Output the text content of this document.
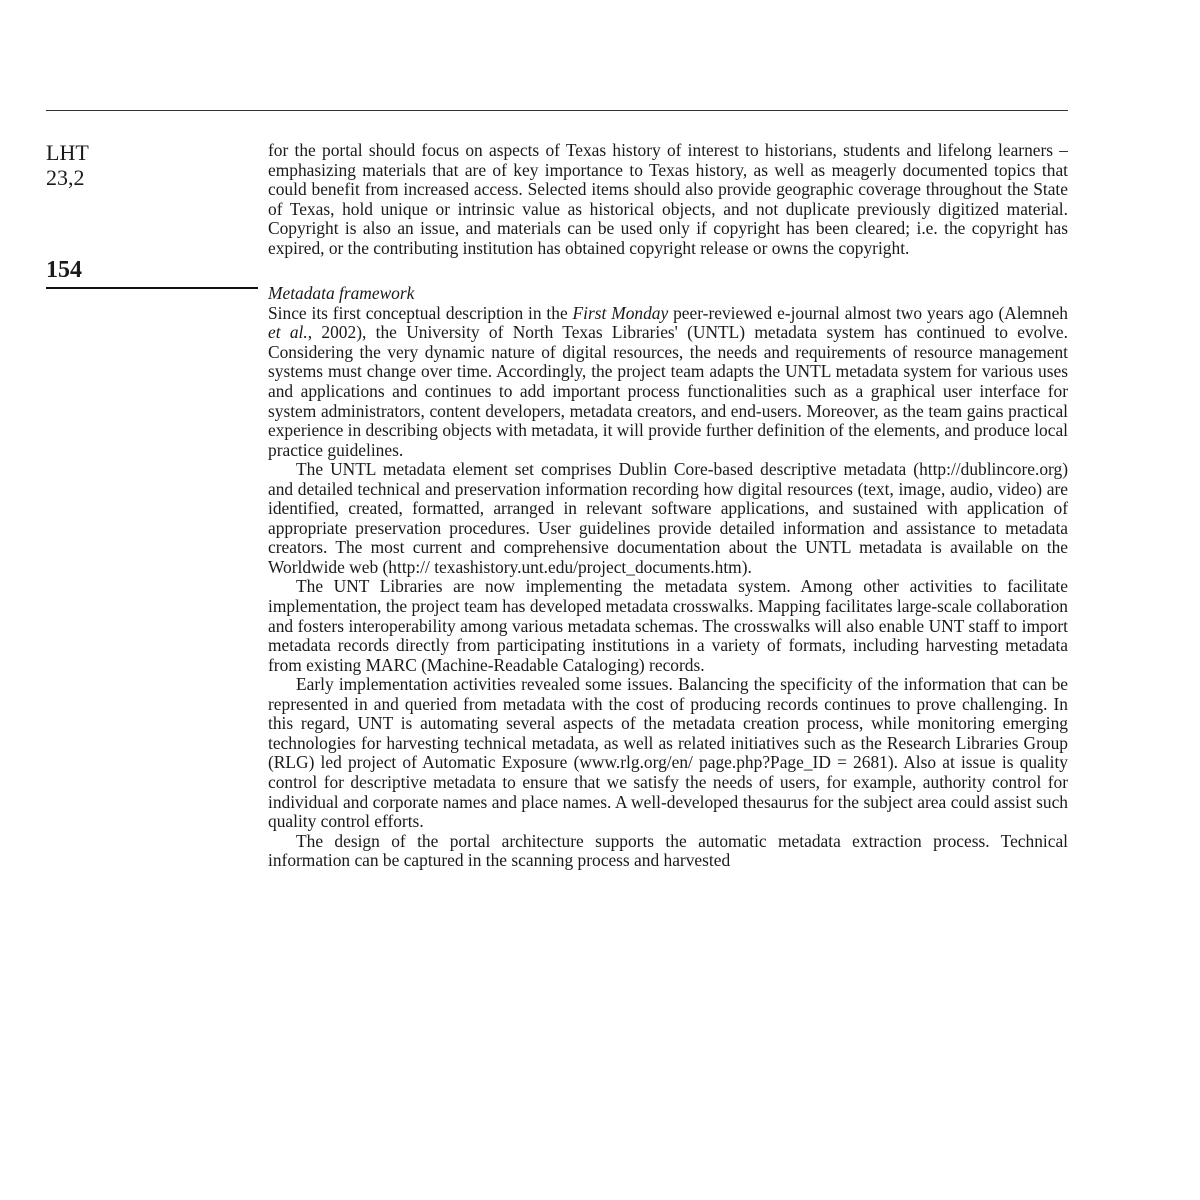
LHT
23,2
154

for the portal should focus on aspects of Texas history of interest to historians, students and lifelong learners – emphasizing materials that are of key importance to Texas history, as well as meagerly documented topics that could benefit from increased access. Selected items should also provide geographic coverage throughout the State of Texas, hold unique or intrinsic value as historical objects, and not duplicate previously digitized material. Copyright is also an issue, and materials can be used only if copyright has been cleared; i.e. the copyright has expired, or the contributing institution has obtained copyright release or owns the copyright.

Metadata framework

Since its first conceptual description in the First Monday peer-reviewed e-journal almost two years ago (Alemneh et al., 2002), the University of North Texas Libraries' (UNTL) metadata system has continued to evolve. Considering the very dynamic nature of digital resources, the needs and requirements of resource management systems must change over time. Accordingly, the project team adapts the UNTL metadata system for various uses and applications and continues to add important process functionalities such as a graphical user interface for system administrators, content developers, metadata creators, and end-users. Moreover, as the team gains practical experience in describing objects with metadata, it will provide further definition of the elements, and produce local practice guidelines.

The UNTL metadata element set comprises Dublin Core-based descriptive metadata (http://dublincore.org) and detailed technical and preservation information recording how digital resources (text, image, audio, video) are identified, created, formatted, arranged in relevant software applications, and sustained with application of appropriate preservation procedures. User guidelines provide detailed information and assistance to metadata creators. The most current and comprehensive documentation about the UNTL metadata is available on the Worldwide web (http:// texashistory.unt.edu/project_documents.htm).

The UNT Libraries are now implementing the metadata system. Among other activities to facilitate implementation, the project team has developed metadata crosswalks. Mapping facilitates large-scale collaboration and fosters interoperability among various metadata schemas. The crosswalks will also enable UNT staff to import metadata records directly from participating institutions in a variety of formats, including harvesting metadata from existing MARC (Machine-Readable Cataloging) records.

Early implementation activities revealed some issues. Balancing the specificity of the information that can be represented in and queried from metadata with the cost of producing records continues to prove challenging. In this regard, UNT is automating several aspects of the metadata creation process, while monitoring emerging technologies for harvesting technical metadata, as well as related initiatives such as the Research Libraries Group (RLG) led project of Automatic Exposure (www.rlg.org/en/ page.php?Page_ID = 2681). Also at issue is quality control for descriptive metadata to ensure that we satisfy the needs of users, for example, authority control for individual and corporate names and place names. A well-developed thesaurus for the subject area could assist such quality control efforts.

The design of the portal architecture supports the automatic metadata extraction process. Technical information can be captured in the scanning process and harvested
